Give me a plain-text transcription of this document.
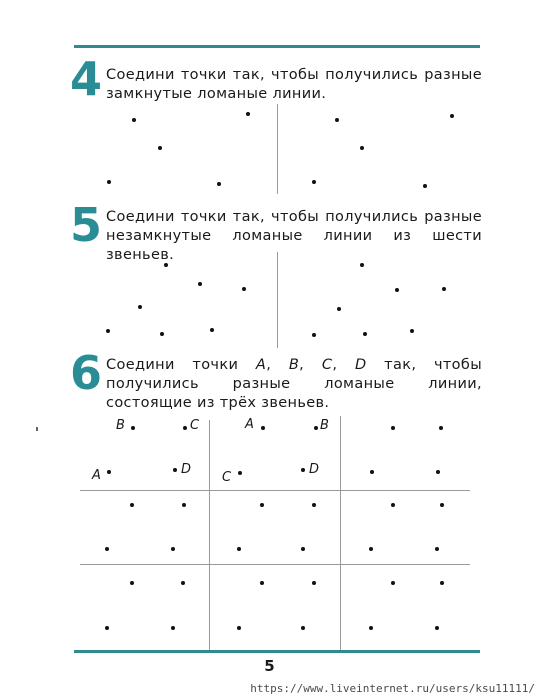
4 Соедини точки так, чтобы получились разные замкнутые ломаные линии.

5 Соедини точки так, чтобы получились разные незамкнутые ломаные линии из шести звеньев.

6 Соедини точки A, B, C, D так, чтобы получились разные ломаные линии, состоящие из трёх звеньев.

B	C
A	D
A	B
C
D
5
https://www.liveinternet.ru/users/ksu11111/
